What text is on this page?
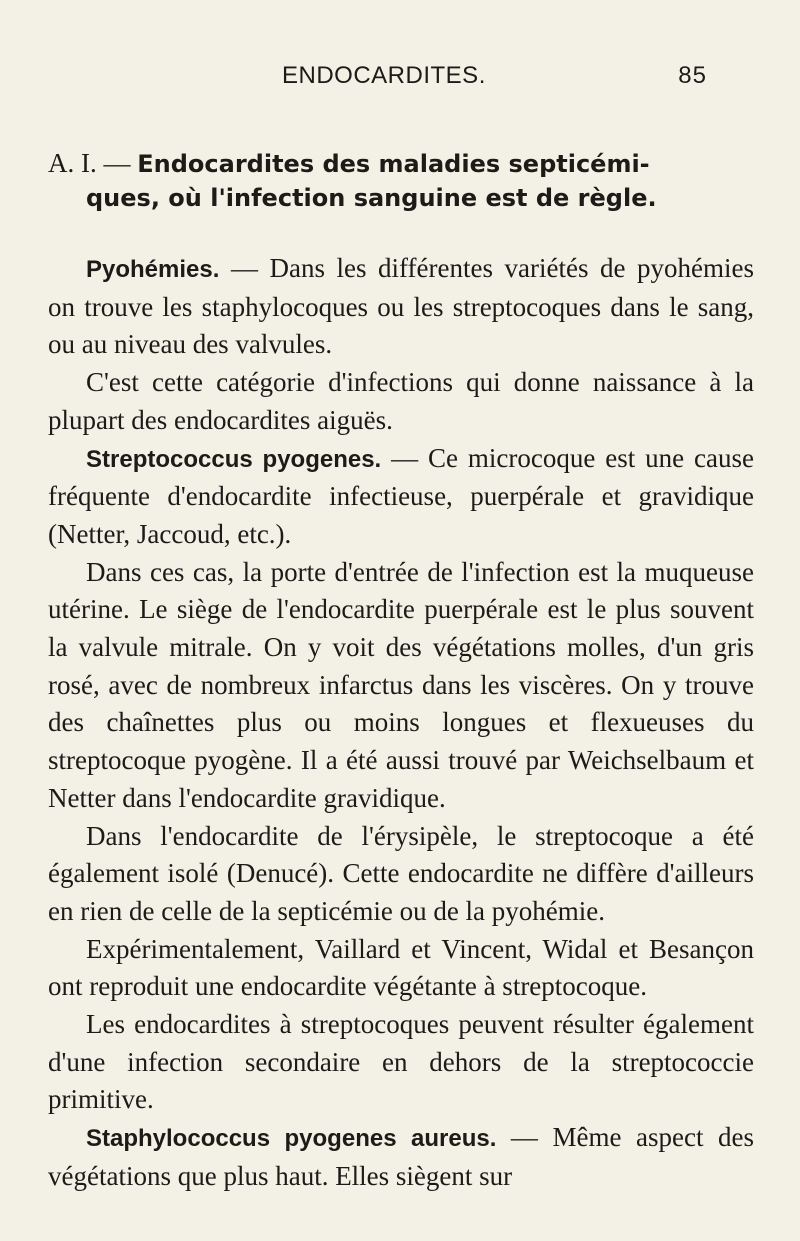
ENDOCARDITES.	85
A. I. — Endocardites des maladies septicémi-
ques, où l'infection sanguine est de règle.

Pyohémies. — Dans les différentes variétés de pyohémies on trouve les staphylocoques ou les streptocoques dans le sang, ou au niveau des valvules.

C'est cette catégorie d'infections qui donne naissance à la plupart des endocardites aiguës.

Streptococcus pyogenes. — Ce microcoque est une cause fréquente d'endocardite infectieuse, puerpérale et gravidique (Netter, Jaccoud, etc.).

Dans ces cas, la porte d'entrée de l'infection est la muqueuse utérine. Le siège de l'endocardite puerpérale est le plus souvent la valvule mitrale. On y voit des végétations molles, d'un gris rosé, avec de nombreux infarctus dans les viscères. On y trouve des chaînettes plus ou moins longues et flexueuses du streptocoque pyogène. Il a été aussi trouvé par Weichselbaum et Netter dans l'endocardite gravidique.

Dans l'endocardite de l'érysipèle, le streptocoque a été également isolé (Denucé). Cette endocardite ne diffère d'ailleurs en rien de celle de la septicémie ou de la pyohémie.

Expérimentalement, Vaillard et Vincent, Widal et Besançon ont reproduit une endocardite végétante à streptocoque.

Les endocardites à streptocoques peuvent résulter également d'une infection secondaire en dehors de la streptococcie primitive.

Staphylococcus pyogenes aureus. — Même aspect des végétations que plus haut. Elles siègent sur
